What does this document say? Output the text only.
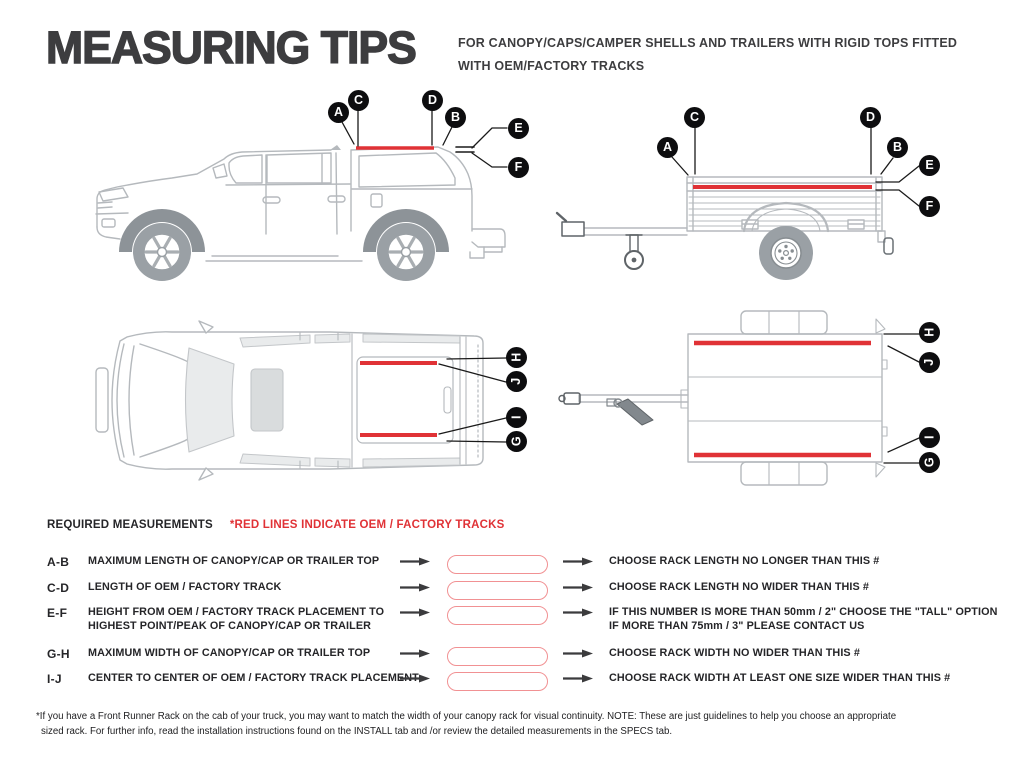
MEASURING TIPS	FOR CANOPY/CAPS/CAMPER SHELLS AND TRAILERS WITH RIGID TOPS FITTED
WITH OEM/FACTORY TRACKS
A
C	D
B
E
F
C	D
A	B
E
F
H
J
I
G
H
J
I
G
REQUIRED MEASUREMENTS *RED LINES INDICATE OEM / FACTORY TRACKS
A-B	MAXIMUM LENGTH OF CANOPY/CAP OR TRAILER TOP	CHOOSE RACK LENGTH NO LONGER THAN THIS #
C-D	LENGTH OF OEM / FACTORY TRACK	CHOOSE RACK LENGTH NO WIDER THAN THIS #
E-F	HEIGHT FROM OEM / FACTORY TRACK PLACEMENT TO
HIGHEST POINT/PEAK OF CANOPY/CAP OR TRAILER
IF THIS NUMBER IS MORE THAN 50mm / 2" CHOOSE THE "TALL" OPTION
IF MORE THAN 75mm / 3" PLEASE CONTACT US
G-H	MAXIMUM WIDTH OF CANOPY/CAP OR TRAILER TOP	CHOOSE RACK WIDTH NO WIDER THAN THIS #
I-J	CENTER TO CENTER OF OEM / FACTORY TRACK PLACEMENT	CHOOSE RACK WIDTH AT LEAST ONE SIZE WIDER THAN THIS #
*If you have a Front Runner Rack on the cab of your truck, you may want to match the width of your canopy rack for visual continuity. NOTE: These are just guidelines to help you choose an appropriate
sized rack. For further info, read the installation instructions found on the INSTALL tab and /or review the detailed measurements in the SPECS tab.
